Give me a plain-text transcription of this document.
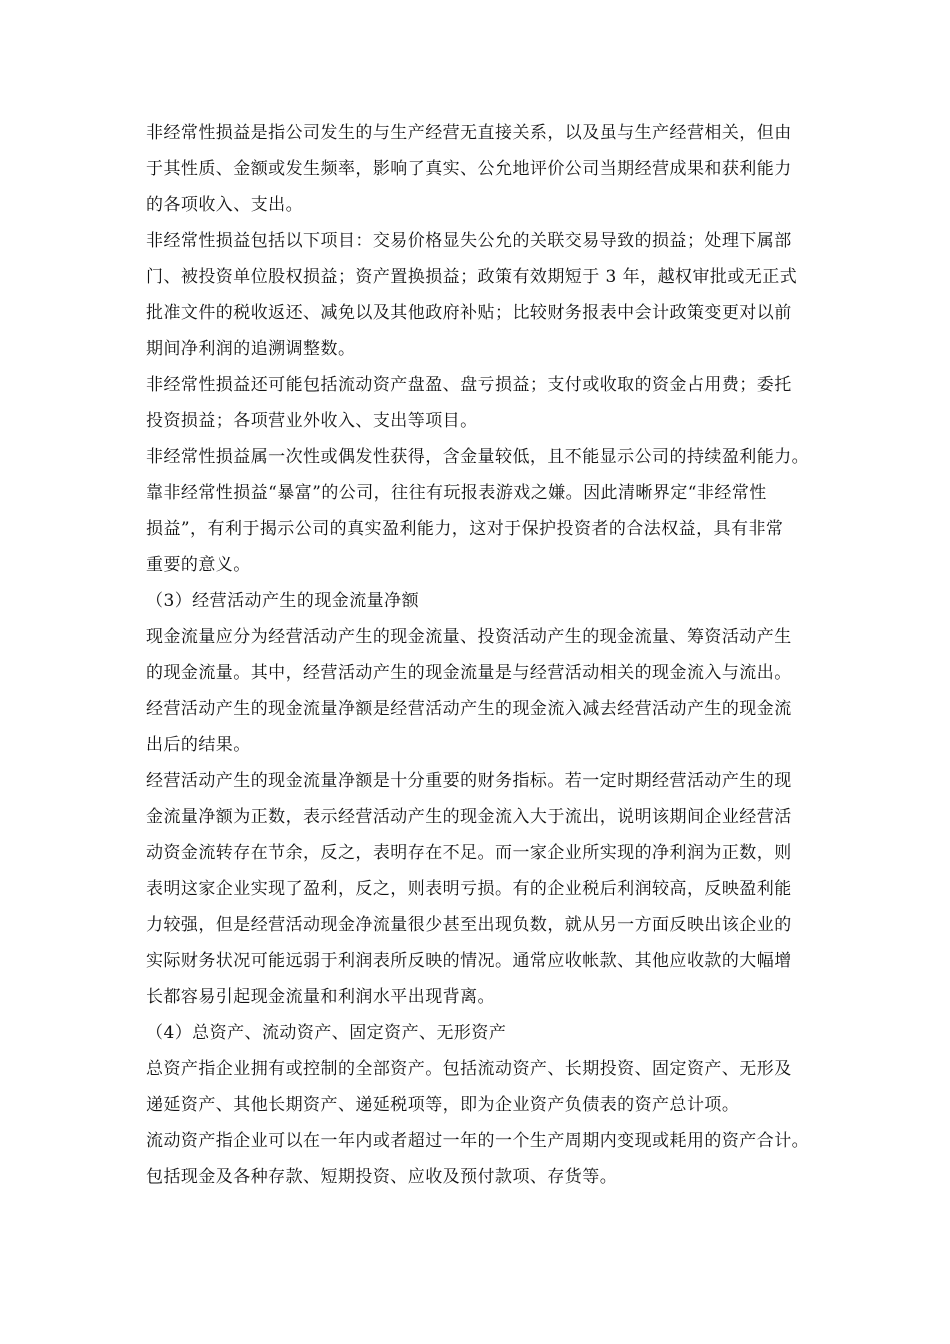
非经常性损益是指公司发生的与生产经营无直接关系，以及虽与生产经营相关，但由
于其性质、金额或发生频率，影响了真实、公允地评价公司当期经营成果和获利能力
的各项收入、支出。
非经常性损益包括以下项目：交易价格显失公允的关联交易导致的损益；处理下属部
门、被投资单位股权损益；资产置换损益；政策有效期短于 3 年，越权审批或无正式
批准文件的税收返还、减免以及其他政府补贴；比较财务报表中会计政策变更对以前
期间净利润的追溯调整数。
非经常性损益还可能包括流动资产盘盈、盘亏损益；支付或收取的资金占用费；委托
投资损益；各项营业外收入、支出等项目。
非经常性损益属一次性或偶发性获得，含金量较低，且不能显示公司的持续盈利能力。
靠非经常性损益“暴富”的公司，往往有玩报表游戏之嫌。因此清晰界定“非经常性
损益”，有利于揭示公司的真实盈利能力，这对于保护投资者的合法权益，具有非常
重要的意义。
（3）经营活动产生的现金流量净额
现金流量应分为经营活动产生的现金流量、投资活动产生的现金流量、筹资活动产生
的现金流量。其中，经营活动产生的现金流量是与经营活动相关的现金流入与流出。
经营活动产生的现金流量净额是经营活动产生的现金流入减去经营活动产生的现金流
出后的结果。
经营活动产生的现金流量净额是十分重要的财务指标。若一定时期经营活动产生的现
金流量净额为正数，表示经营活动产生的现金流入大于流出，说明该期间企业经营活
动资金流转存在节余，反之，表明存在不足。而一家企业所实现的净利润为正数，则
表明这家企业实现了盈利，反之，则表明亏损。有的企业税后利润较高，反映盈利能
力较强，但是经营活动现金净流量很少甚至出现负数，就从另一方面反映出该企业的
实际财务状况可能远弱于利润表所反映的情况。通常应收帐款、其他应收款的大幅增
长都容易引起现金流量和利润水平出现背离。
（4）总资产、流动资产、固定资产、无形资产
总资产指企业拥有或控制的全部资产。包括流动资产、长期投资、固定资产、无形及
递延资产、其他长期资产、递延税项等，即为企业资产负债表的资产总计项。
流动资产指企业可以在一年内或者超过一年的一个生产周期内变现或耗用的资产合计。
包括现金及各种存款、短期投资、应收及预付款项、存货等。
